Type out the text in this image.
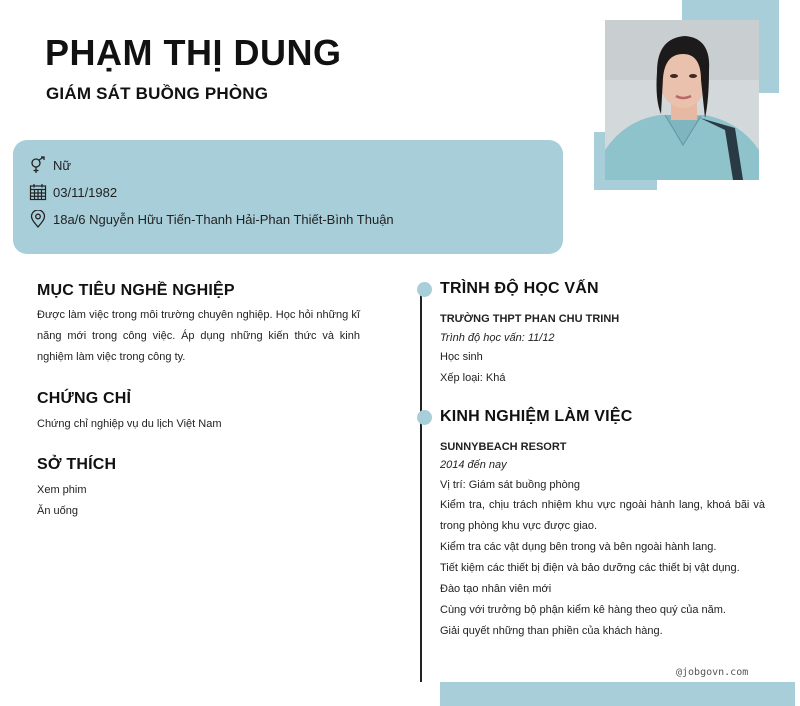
PHẠM THỊ DUNG
GIÁM SÁT BUỒNG PHÒNG
Nữ
03/11/1982
18a/6 Nguyễn Hữu Tiến-Thanh Hải-Phan Thiết-Bình Thuận
MỤC TIÊU NGHỀ NGHIỆP
Được làm việc trong môi trường chuyên nghiệp. Học hỏi những kĩ năng mới trong công việc. Áp dụng những kiến thức và kinh nghiệm làm việc trong công ty.
CHỨNG CHỈ
Chứng chỉ nghiệp vụ du lịch Việt Nam
SỞ THÍCH
Xem phim
Ăn uống
TRÌNH ĐỘ HỌC VẤN
TRƯỜNG THPT PHAN CHU TRINH
Trình độ học vấn: 11/12
Học sinh
Xếp loại: Khá
KINH NGHIỆM LÀM VIỆC
SUNNYBEACH RESORT
2014 đến nay
Vị trí: Giám sát buồng phòng
Kiểm tra, chịu trách nhiệm khu vực ngoài hành lang, khoá bãi và trong phòng khu vực được giao.
Kiểm tra các vật dụng bên trong và bên ngoài hành lang.
Tiết kiệm các thiết bị điện và bảo dưỡng các thiết bị vật dụng.
Đào tạo nhân viên mới
Cùng với trưởng bộ phận kiểm kê hàng theo quý của năm.
Giải quyết những than phiền của khách hàng.
@jobgovn.com
